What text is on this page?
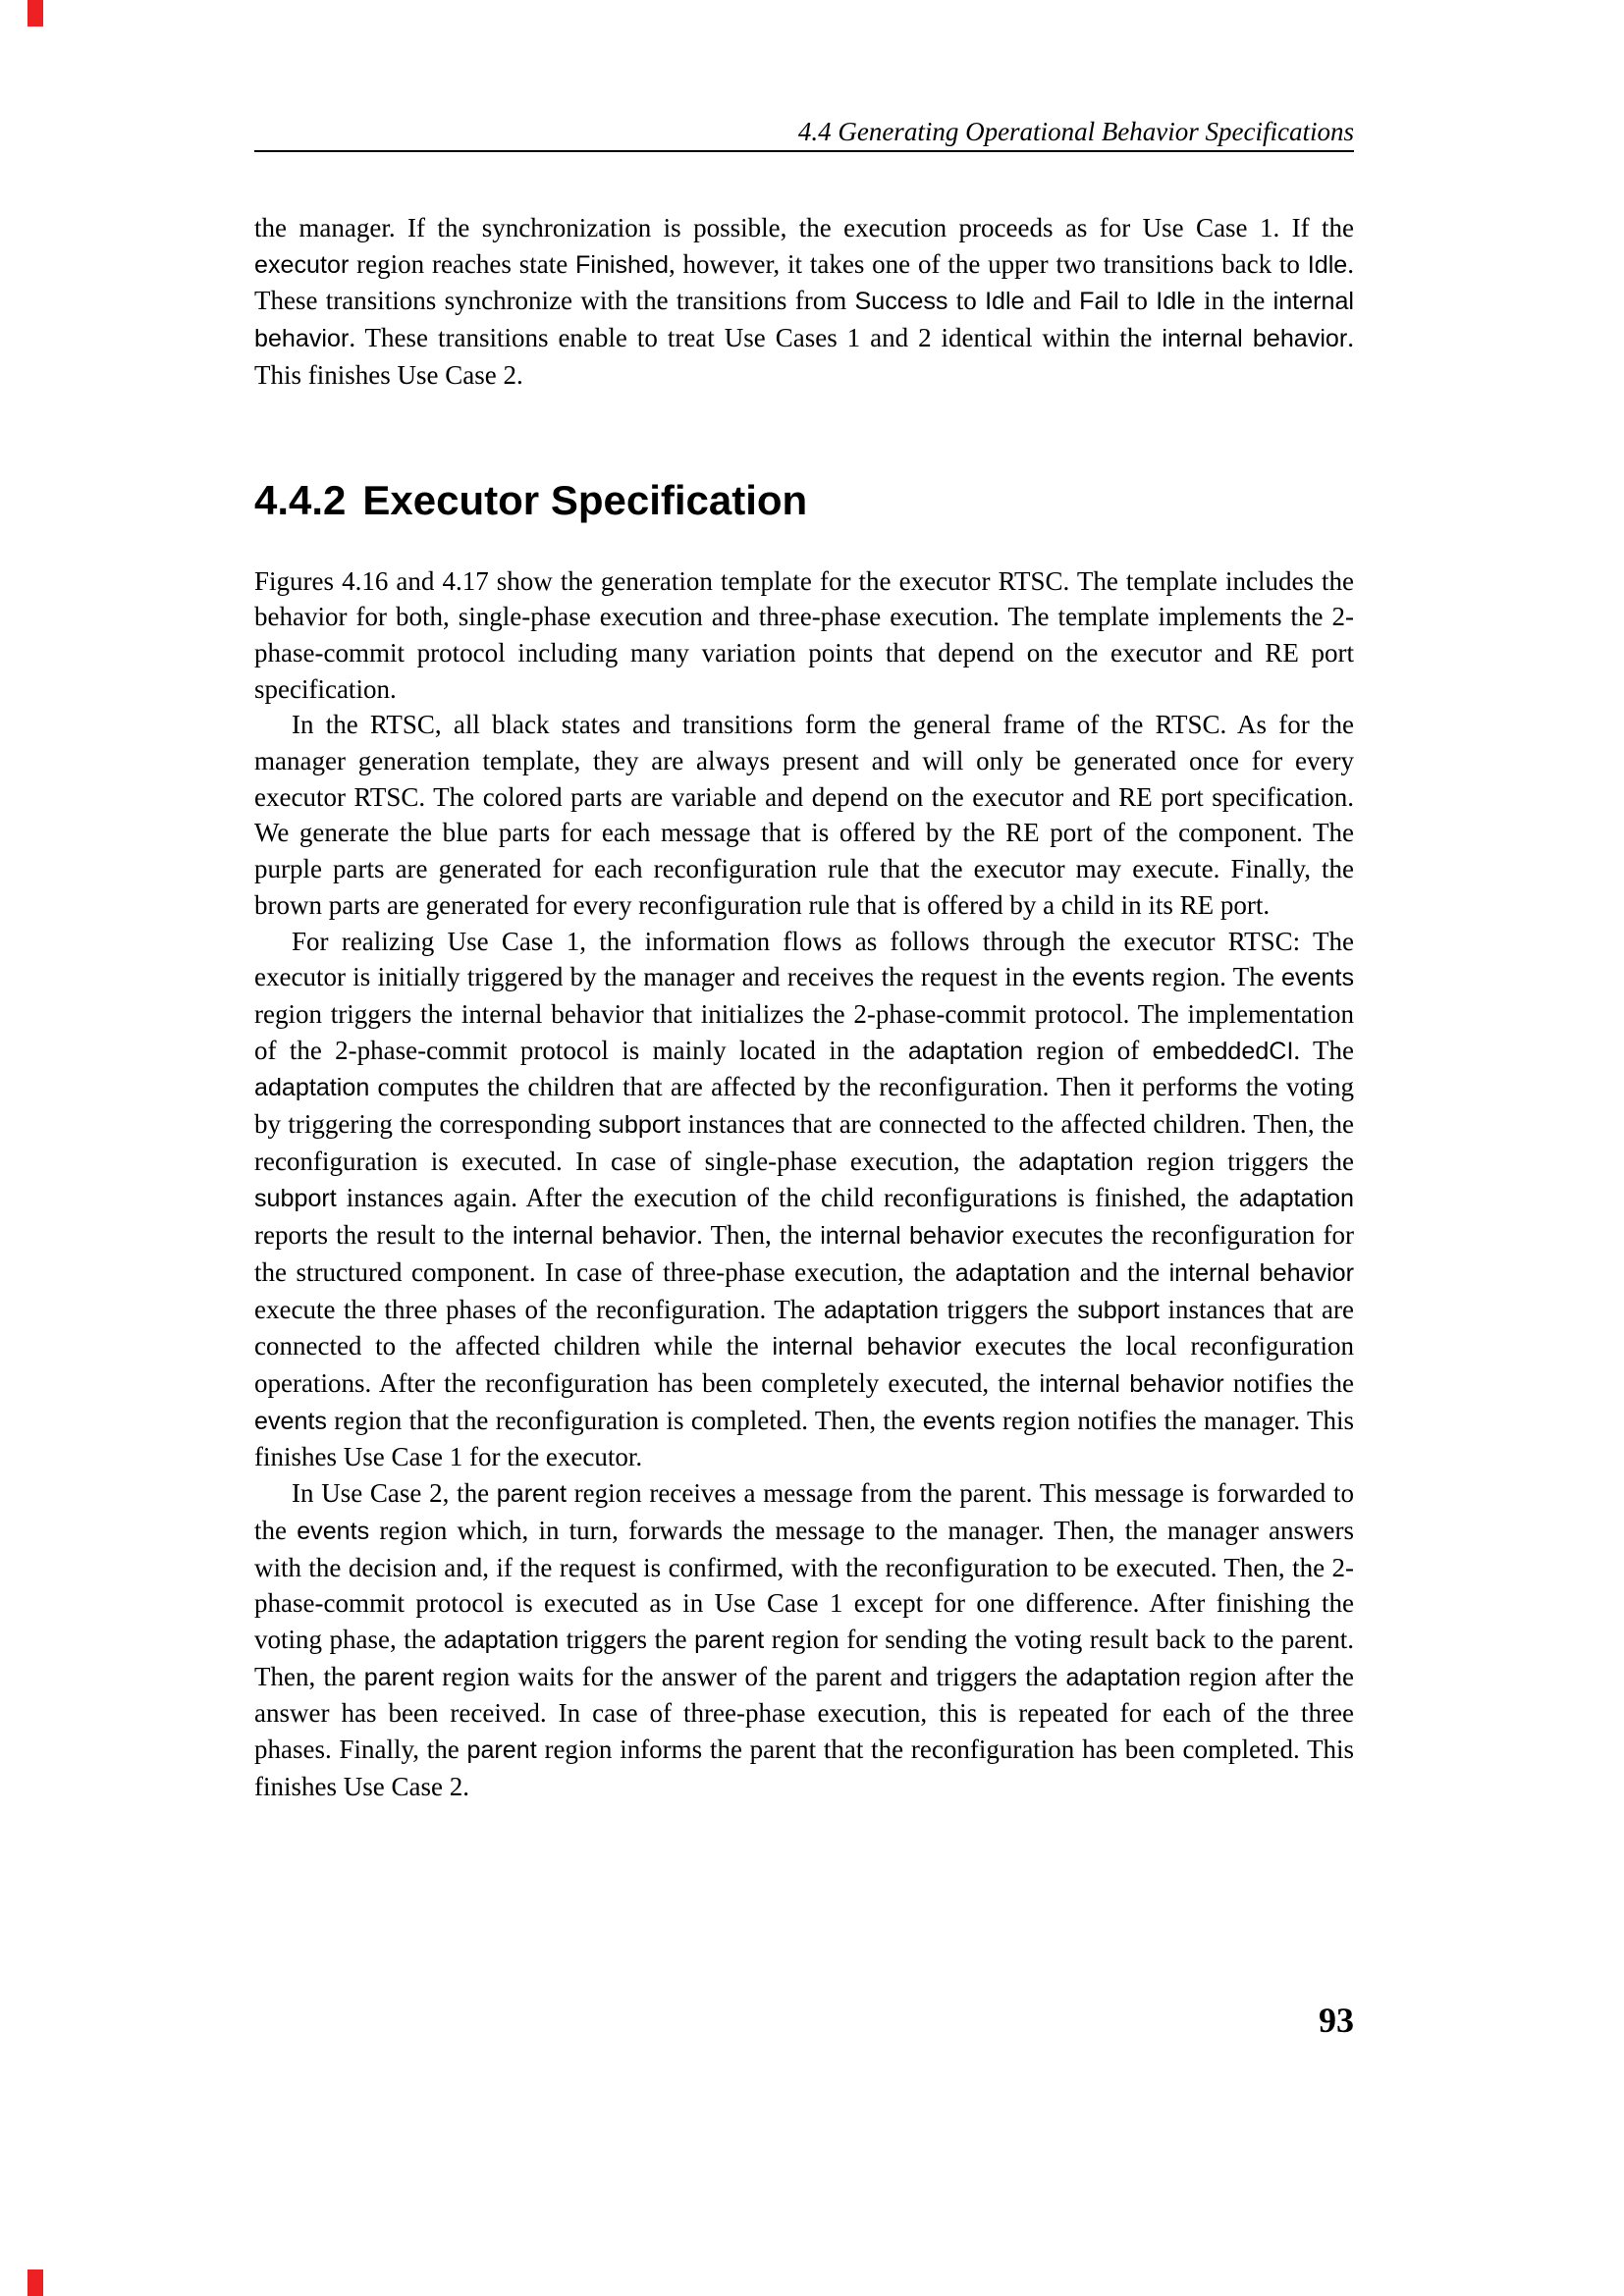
4.4 Generating Operational Behavior Specifications

the manager. If the synchronization is possible, the execution proceeds as for Use Case 1. If the executor region reaches state Finished, however, it takes one of the upper two transitions back to Idle. These transitions synchronize with the transitions from Success to Idle and Fail to Idle in the internal behavior. These transitions enable to treat Use Cases 1 and 2 identical within the internal behavior. This finishes Use Case 2.

4.4.2 Executor Specification

Figures 4.16 and 4.17 show the generation template for the executor RTSC. The template includes the behavior for both, single-phase execution and three-phase execution. The template implements the 2-phase-commit protocol including many variation points that depend on the executor and RE port specification.

In the RTSC, all black states and transitions form the general frame of the RTSC. As for the manager generation template, they are always present and will only be generated once for every executor RTSC. The colored parts are variable and depend on the executor and RE port specification. We generate the blue parts for each message that is offered by the RE port of the component. The purple parts are generated for each reconfiguration rule that the executor may execute. Finally, the brown parts are generated for every reconfiguration rule that is offered by a child in its RE port.

For realizing Use Case 1, the information flows as follows through the executor RTSC: The executor is initially triggered by the manager and receives the request in the events region. The events region triggers the internal behavior that initializes the 2-phase-commit protocol. The implementation of the 2-phase-commit protocol is mainly located in the adaptation region of embeddedCI. The adaptation computes the children that are affected by the reconfiguration. Then it performs the voting by triggering the corresponding subport instances that are connected to the affected children. Then, the reconfiguration is executed. In case of single-phase execution, the adaptation region triggers the subport instances again. After the execution of the child reconfigurations is finished, the adaptation reports the result to the internal behavior. Then, the internal behavior executes the reconfiguration for the structured component. In case of three-phase execution, the adaptation and the internal behavior execute the three phases of the reconfiguration. The adaptation triggers the subport instances that are connected to the affected children while the internal behavior executes the local reconfiguration operations. After the reconfiguration has been completely executed, the internal behavior notifies the events region that the reconfiguration is completed. Then, the events region notifies the manager. This finishes Use Case 1 for the executor.

In Use Case 2, the parent region receives a message from the parent. This message is forwarded to the events region which, in turn, forwards the message to the manager. Then, the manager answers with the decision and, if the request is confirmed, with the reconfiguration to be executed. Then, the 2-phase-commit protocol is executed as in Use Case 1 except for one difference. After finishing the voting phase, the adaptation triggers the parent region for sending the voting result back to the parent. Then, the parent region waits for the answer of the parent and triggers the adaptation region after the answer has been received. In case of three-phase execution, this is repeated for each of the three phases. Finally, the parent region informs the parent that the reconfiguration has been completed. This finishes Use Case 2.

93
